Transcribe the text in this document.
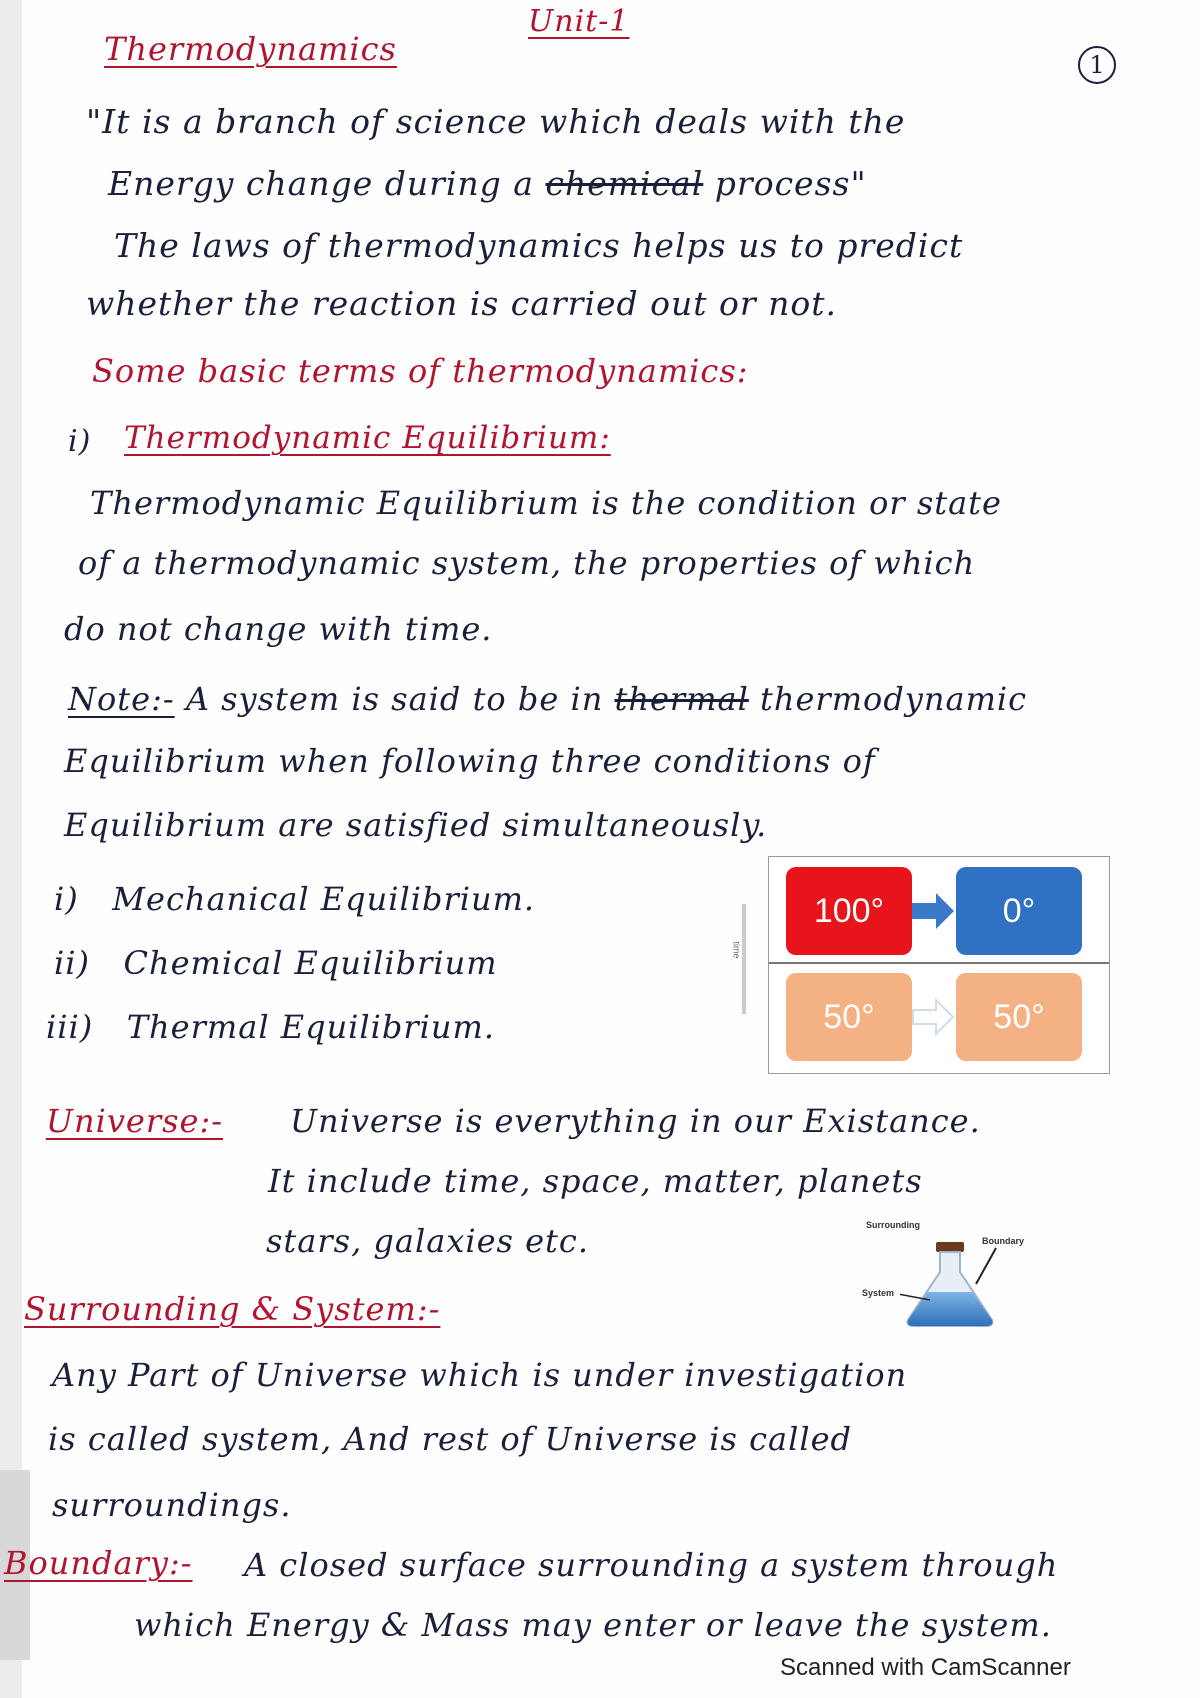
Unit-1
Thermodynamics	1
"It is a branch of science which deals with the
Energy change during a chemical process"
The laws of thermodynamics helps us to predict
whether the reaction is carried out or not.
Some basic terms of thermodynamics:
i) Thermodynamic Equilibrium:
Thermodynamic Equilibrium is the condition or state
of a thermodynamic system, the properties of which
do not change with time.
Note:- A system is said to be in thermal thermodynamic
Equilibrium when following three conditions of
Equilibrium are satisfied simultaneously.
i) Mechanical Equilibrium.
ii) Chemical Equilibrium
iii) Thermal Equilibrium.
time
100°	0°
50°	50°
Universe:- Universe is everything in our Existance.
It include time, space, matter, planets
stars, galaxies etc.	Surrounding
Boundary
System
Surrounding & System:-
Any Part of Universe which is under investigation
is called system, And rest of Universe is called
surroundings.
Boundary:- A closed surface surrounding a system through
which Energy & Mass may enter or leave the system.
Scanned with CamScanner
